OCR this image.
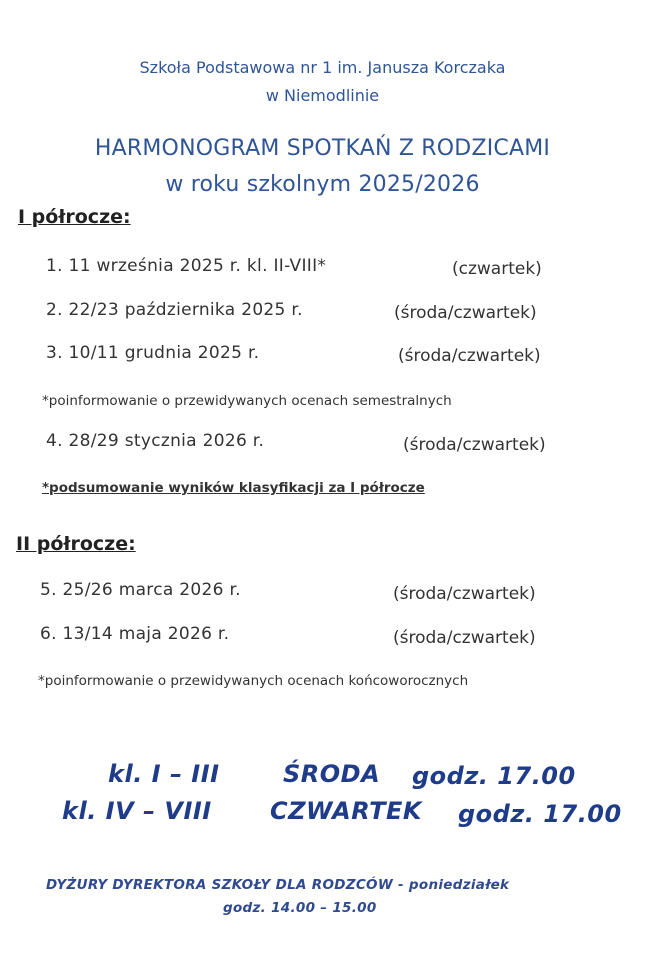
Szkoła Podstawowa nr 1 im. Janusza Korczaka
w Niemodlinie
HARMONOGRAM SPOTKAŃ Z RODZICAMI
w roku szkolnym 2025/2026
I półrocze:
1. 11 września 2025 r. kl. II-VIII*	(czwartek)
2. 22/23 października 2025 r.	(środa/czwartek)
3. 10/11 grudnia 2025 r.	(środa/czwartek)
*poinformowanie o przewidywanych ocenach semestralnych
4. 28/29 stycznia 2026 r.	(środa/czwartek)
*podsumowanie wyników klasyfikacji za I półrocze
II półrocze:
5. 25/26 marca 2026 r.	(środa/czwartek)
6. 13/14 maja 2026 r.	(środa/czwartek)
*poinformowanie o przewidywanych ocenach końcoworocznych
kl. I – III	ŚRODA godz. 17.00
kl. IV – VIII CZWARTEK godz. 17.00
DYŻURY DYREKTORA SZKOŁY DLA RODZCÓW - poniedziałek
godz. 14.00 – 15.00
